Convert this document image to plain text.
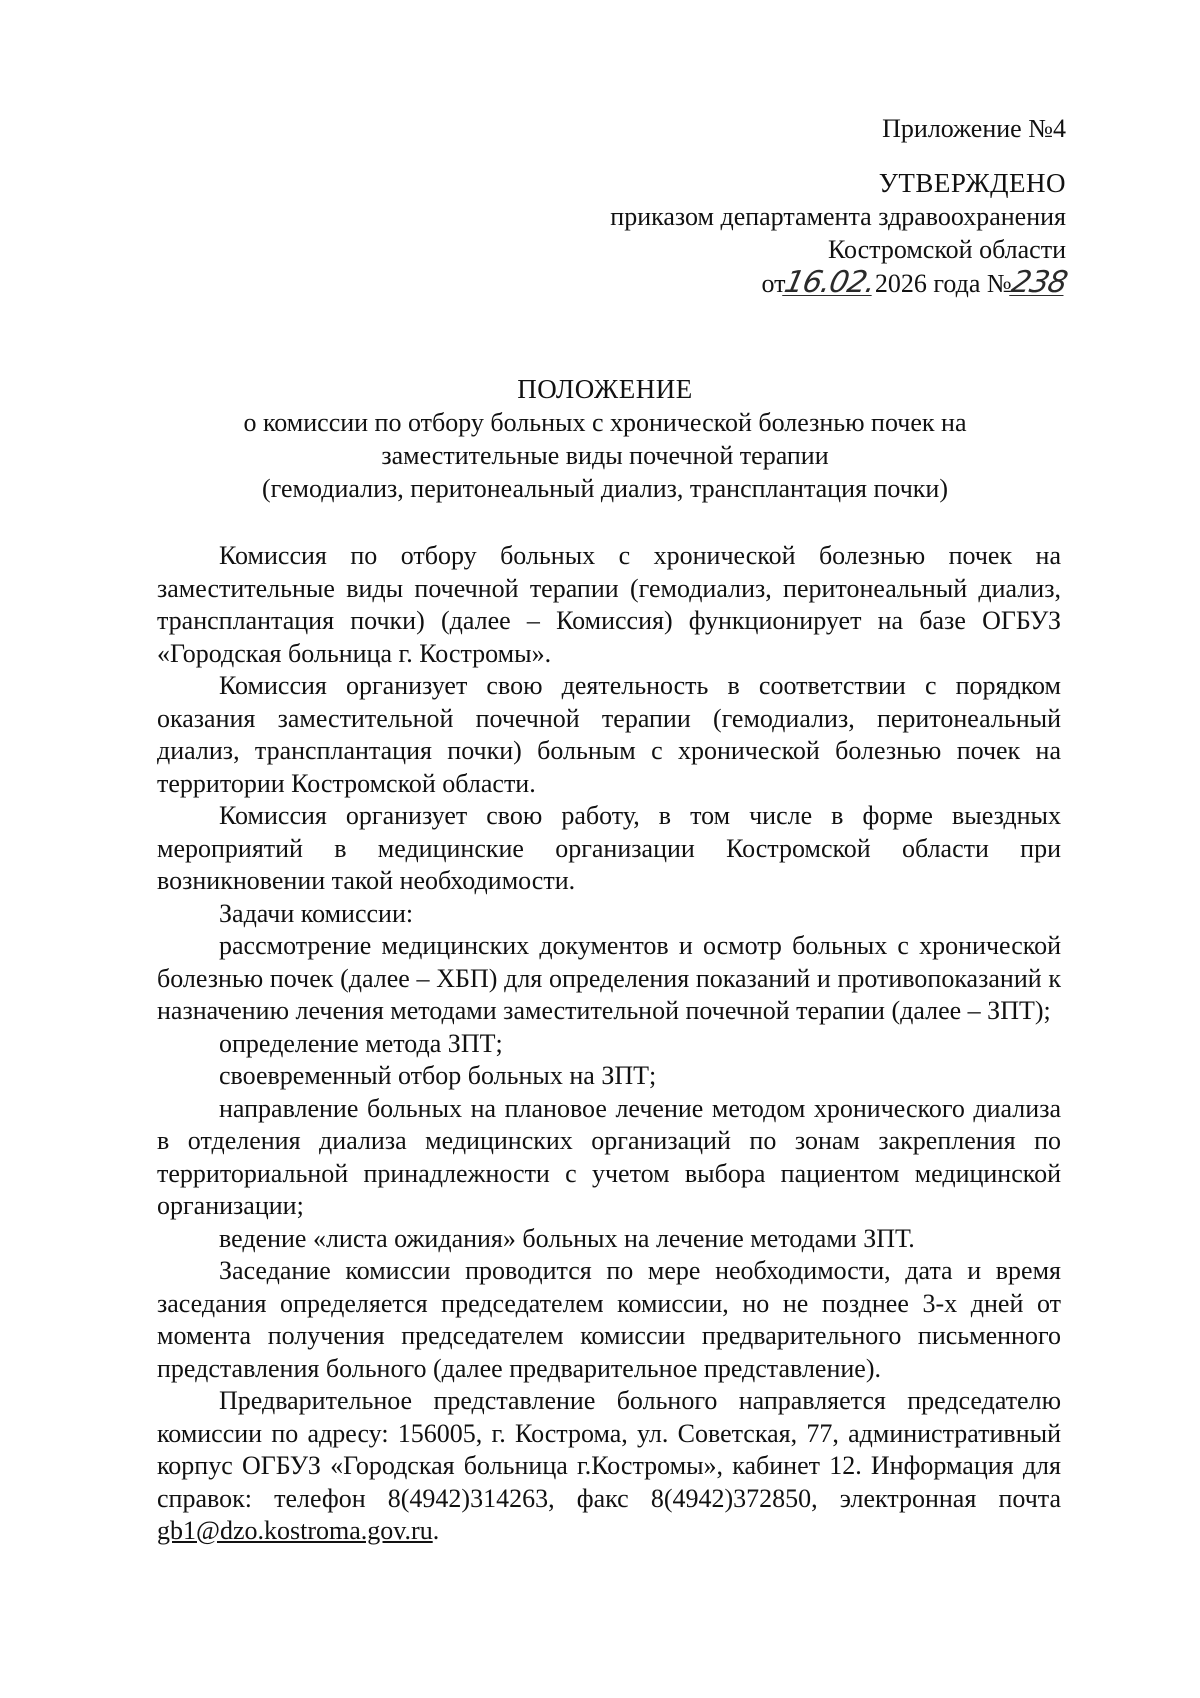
Приложение №4
УТВЕРЖДЕНО
приказом департамента здравоохранения
Костромской области
от16.02.2026 года №238
ПОЛОЖЕНИЕ
о комиссии по отбору больных с хронической болезнью почек на
заместительные виды почечной терапии
(гемодиализ, перитонеальный диализ, трансплантация почки)

Комиссия по отбору больных с хронической болезнью почек на заместительные виды почечной терапии (гемодиализ, перитонеальный диализ, трансплантация почки) (далее – Комиссия) функционирует на базе ОГБУЗ «Городская больница г. Костромы».

Комиссия организует свою деятельность в соответствии с порядком оказания заместительной почечной терапии (гемодиализ, перитонеальный диализ, трансплантация почки) больным с хронической болезнью почек на территории Костромской области.

Комиссия организует свою работу, в том числе в форме выездных мероприятий в медицинские организации Костромской области при возникновении такой необходимости.

Задачи комиссии:

рассмотрение медицинских документов и осмотр больных с хронической болезнью почек (далее – ХБП) для определения показаний и противопоказаний к назначению лечения методами заместительной почечной терапии (далее – ЗПТ);

определение метода ЗПТ;

своевременный отбор больных на ЗПТ;

направление больных на плановое лечение методом хронического диализа в отделения диализа медицинских организаций по зонам закрепления по территориальной принадлежности с учетом выбора пациентом медицинской организации;

ведение «листа ожидания» больных на лечение методами ЗПТ.

Заседание комиссии проводится по мере необходимости, дата и время заседания определяется председателем комиссии, но не позднее 3-х дней от момента получения председателем комиссии предварительного письменного представления больного (далее предварительное представление).

Предварительное представление больного направляется председателю комиссии по адресу: 156005, г. Кострома, ул. Советская, 77, административный корпус ОГБУЗ «Городская больница г.Костромы», кабинет 12. Информация для справок: телефон 8(4942)314263, факс 8(4942)372850, электронная почта gb1@dzo.kostroma.gov.ru.
